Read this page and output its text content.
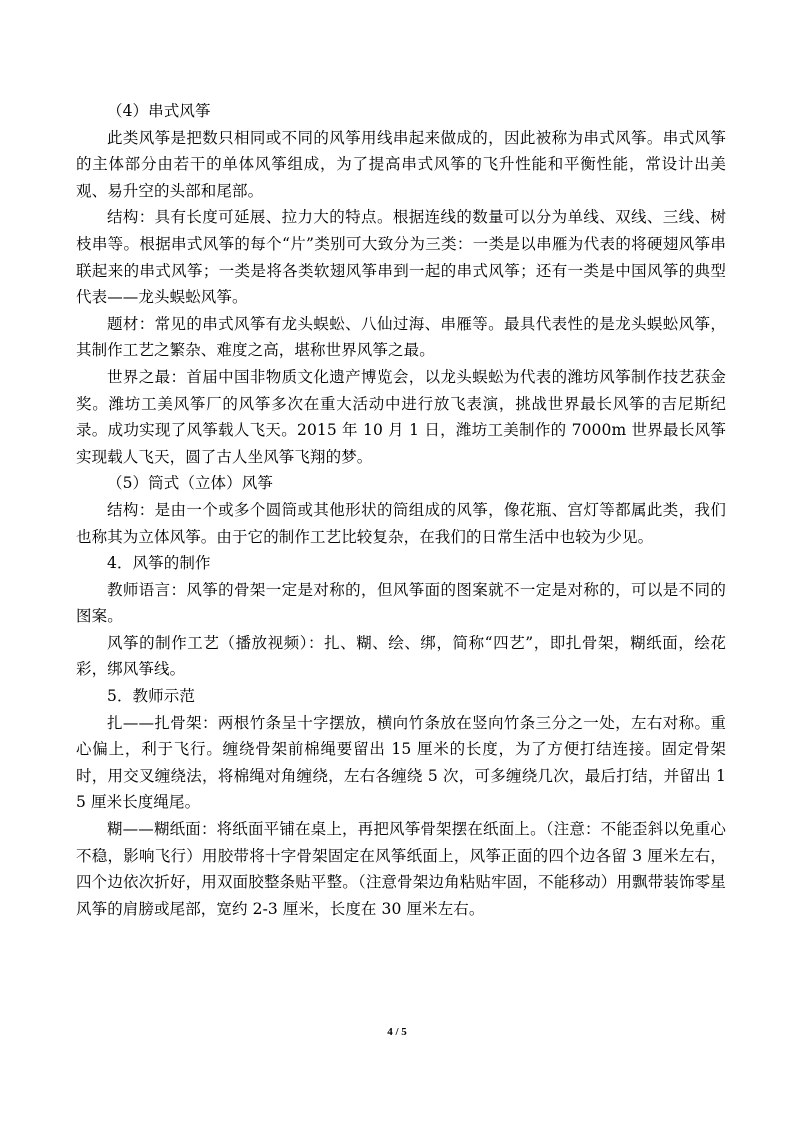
（4）串式风筝

此类风筝是把数只相同或不同的风筝用线串起来做成的，因此被称为串式风筝。串式风筝的主体部分由若干的单体风筝组成，为了提高串式风筝的飞升性能和平衡性能，常设计出美观、易升空的头部和尾部。

结构：具有长度可延展、拉力大的特点。根据连线的数量可以分为单线、双线、三线、树枝串等。根据串式风筝的每个“片”类别可大致分为三类：一类是以串雁为代表的将硬翅风筝串联起来的串式风筝；一类是将各类软翅风筝串到一起的串式风筝；还有一类是中国风筝的典型代表——龙头蜈蚣风筝。

题材：常见的串式风筝有龙头蜈蚣、八仙过海、串雁等。最具代表性的是龙头蜈蚣风筝，其制作工艺之繁杂、难度之高，堪称世界风筝之最。

世界之最：首届中国非物质文化遗产博览会，以龙头蜈蚣为代表的潍坊风筝制作技艺获金奖。潍坊工美风筝厂的风筝多次在重大活动中进行放飞表演，挑战世界最长风筝的吉尼斯纪录。成功实现了风筝载人飞天。2015 年 10 月 1 日，潍坊工美制作的 7000m 世界最长风筝实现载人飞天，圆了古人坐风筝飞翔的梦。

（5）筒式（立体）风筝

结构：是由一个或多个圆筒或其他形状的筒组成的风筝，像花瓶、宫灯等都属此类，我们也称其为立体风筝。由于它的制作工艺比较复杂，在我们的日常生活中也较为少见。

4．风筝的制作

教师语言：风筝的骨架一定是对称的，但风筝面的图案就不一定是对称的，可以是不同的图案。

风筝的制作工艺（播放视频）：扎、糊、绘、绑，简称“四艺”，即扎骨架，糊纸面，绘花彩，绑风筝线。

5．教师示范

扎——扎骨架：两根竹条呈十字摆放，横向竹条放在竖向竹条三分之一处，左右对称。重心偏上，利于飞行。缠绕骨架前棉绳要留出 15 厘米的长度，为了方便打结连接。固定骨架时，用交叉缠绕法，将棉绳对角缠绕，左右各缠绕 5 次，可多缠绕几次，最后打结，并留出 15 厘米长度绳尾。

糊——糊纸面：将纸面平铺在桌上，再把风筝骨架摆在纸面上。（注意：不能歪斜以免重心不稳，影响飞行）用胶带将十字骨架固定在风筝纸面上，风筝正面的四个边各留 3 厘米左右，四个边依次折好，用双面胶整条贴平整。（注意骨架边角粘贴牢固，不能移动）用飘带装饰零星风筝的肩膀或尾部，宽约 2-3 厘米，长度在 30 厘米左右。

4 / 5
